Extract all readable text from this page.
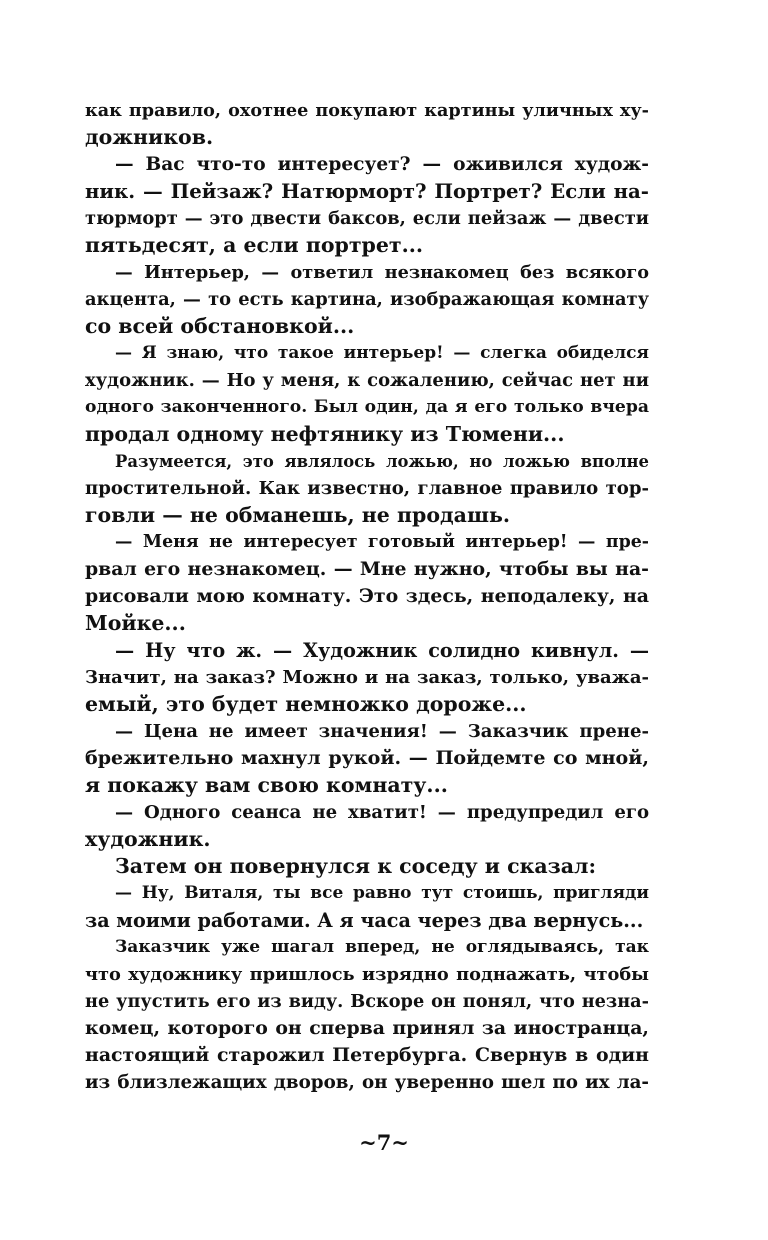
как правило, охотнее покупают картины уличных ху-
дожников.
— Вас что-то интересует? — оживился худож-
ник. — Пейзаж? Натюрморт? Портрет? Если на-
тюрморт — это двести баксов, если пейзаж — двести
пятьдесят, а если портрет...
— Интерьер, — ответил незнакомец без всякого
акцента, — то есть картина, изображающая комнату
со всей обстановкой...
— Я знаю, что такое интерьер! — слегка обиделся
художник. — Но у меня, к сожалению, сейчас нет ни
одного законченного. Был один, да я его только вчера
продал одному нефтянику из Тюмени...
Разумеется, это являлось ложью, но ложью вполне
простительной. Как известно, главное правило тор-
говли — не обманешь, не продашь.
— Меня не интересует готовый интерьер! — пре-
рвал его незнакомец. — Мне нужно, чтобы вы на-
рисовали мою комнату. Это здесь, неподалеку, на
Мойке...
— Ну что ж. — Художник солидно кивнул. —
Значит, на заказ? Можно и на заказ, только, уважа-
емый, это будет немножко дороже...
— Цена не имеет значения! — Заказчик прене-
брежительно махнул рукой. — Пойдемте со мной,
я покажу вам свою комнату...
— Одного сеанса не хватит! — предупредил его
художник.
Затем он повернулся к соседу и сказал:
— Ну, Виталя, ты все равно тут стоишь, пригляди
за моими работами. А я часа через два вернусь...
Заказчик уже шагал вперед, не оглядываясь, так
что художнику пришлось изрядно поднажать, чтобы
не упустить его из виду. Вскоре он понял, что незна-
комец, которого он сперва принял за иностранца,
настоящий старожил Петербурга. Свернув в один
из близлежащих дворов, он уверенно шел по их ла-
~7~
